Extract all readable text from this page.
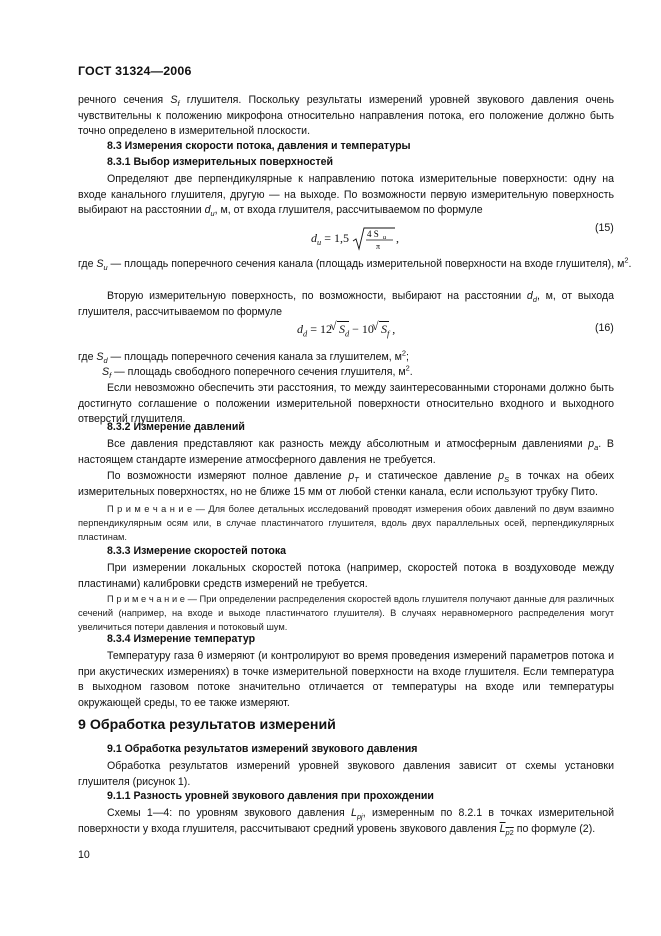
ГОСТ 31324—2006
речного сечения $S_f$ глушителя. Поскольку результаты измерений уровней звукового давления очень чувствительны к положению микрофона относительно направления потока, его положение должно быть точно определено в измерительной плоскости.
8.3 Измерения скорости потока, давления и температуры
8.3.1 Выбор измерительных поверхностей
Определяют две перпендикулярные к направлению потока измерительные поверхности: одну на входе канального глушителя, другую — на выходе. По возможности первую измерительную поверхность выбирают на расстоянии $d_u$, м, от входа глушителя, рассчитываемом по формуле
$d_u = 1,5$ 4 S u
π
,
(15)
где $S_u$ — площадь поперечного сечения канала (площадь измерительной поверхности на входе глушителя), $м^2$.
Вторую измерительную поверхность, по возможности, выбирают на расстоянии $d_d$, м, от выхода глушителя, рассчитываемом по формуле
$d_d = 12$
√ $S_d - 10$
√ $S_f$ ,	(16)
где $S_d$ — площадь поперечного сечения канала за глушителем, $м^2$;
$S_f$ — площадь свободного поперечного сечения глушителя, $м^2$.
Если невозможно обеспечить эти расстояния, то между заинтересованными сторонами должно быть достигнуто соглашение о положении измерительной поверхности относительно входного и выходного отверстий глушителя.
8.3.2 Измерение давлений
Все давления представляют как разность между абсолютным и атмосферным давлениями $p_a$. В настоящем стандарте измерение атмосферного давления не требуется.
По возможности измеряют полное давление $p_T$ и статическое давление $p_S$ в точках на обеих измерительных поверхностях, но не ближе 15 мм от любой стенки канала, если используют трубку Пито.
П р и м е ч а н и е — Для более детальных исследований проводят измерения обоих давлений по двум взаимно перпендикулярным осям или, в случае пластинчатого глушителя, вдоль двух параллельных осей, перпендикулярных пластинам.
8.3.3 Измерение скоростей потока
При измерении локальных скоростей потока (например, скоростей потока в воздуховоде между пластинами) калибровки средств измерений не требуется.
П р и м е ч а н и е — При определении распределения скоростей вдоль глушителя получают данные для различных сечений (например, на входе и выходе пластинчатого глушителя). В случаях неравномерного распределения могут увеличиться потери давления и потоковый шум.
8.3.4 Измерение температур
Температуру газа θ измеряют (и контролируют во время проведения измерений параметров потока и при акустических измерениях) в точке измерительной поверхности на входе глушителя. Если температура в выходном газовом потоке значительно отличается от температуры на входе или температуры окружающей среды, то ее также измеряют.
9 Обработка результатов измерений
9.1 Обработка результатов измерений звукового давления
Обработка результатов измерений уровней звукового давления зависит от схемы установки глушителя (рисунок 1).
9.1.1 Разность уровней звукового давления при прохождении
Схемы 1—4: по уровням звукового давления $L_{pj}$, измеренным по 8.2.1 в точках измерительной поверхности у входа глушителя, рассчитывают средний уровень звукового давления $L_{p2}$ по формуле (2).
10
